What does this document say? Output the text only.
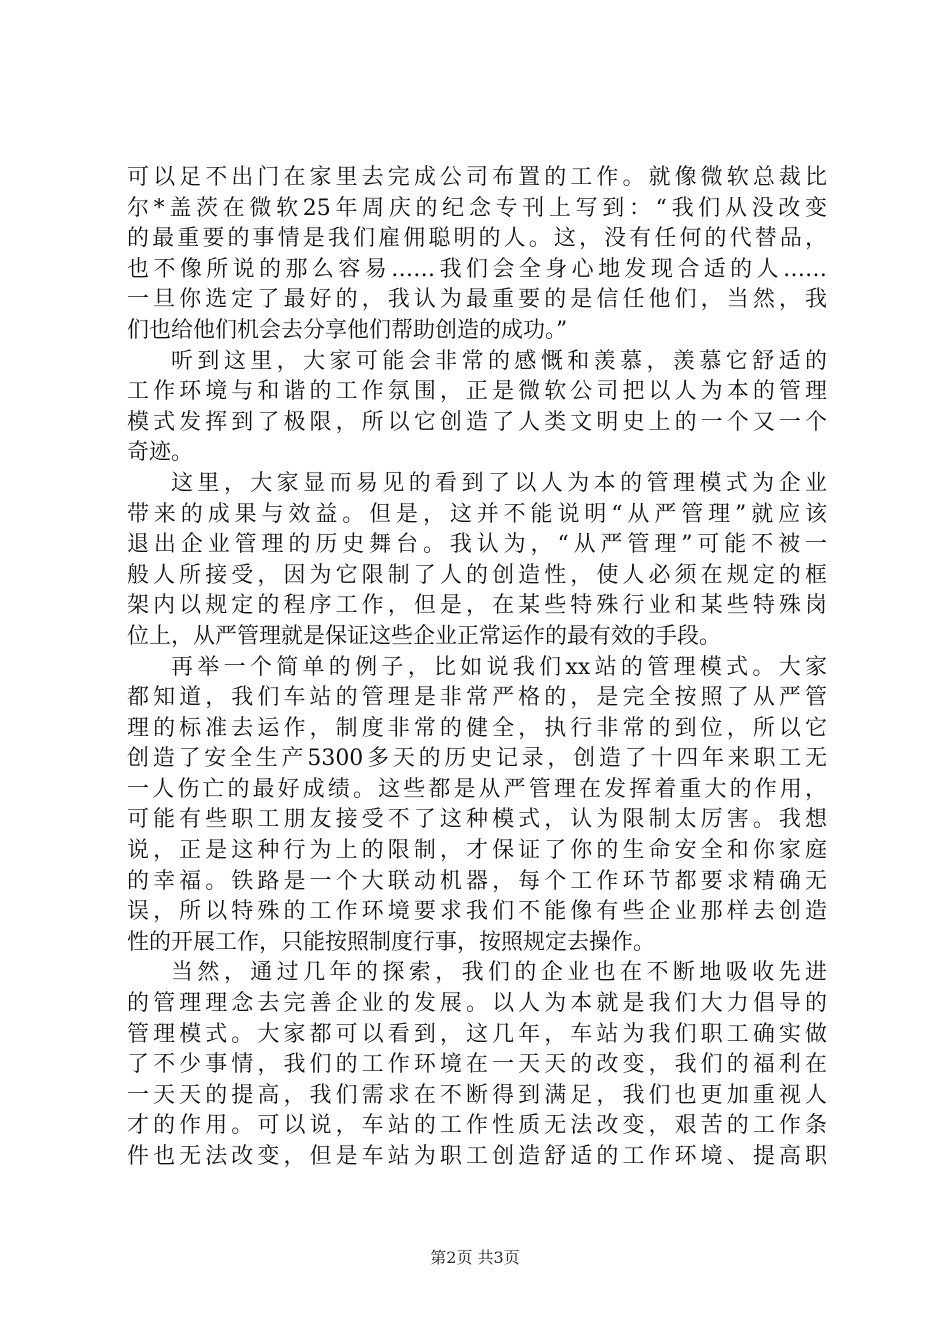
可以足不出门在家里去完成公司布置的工作。就像微软总裁比
尔*盖茨在微软25年周庆的纪念专刊上写到：“我们从没改变
的最重要的事情是我们雇佣聪明的人。这，没有任何的代替品，
也不像所说的那么容易……我们会全身心地发现合适的人……
一旦你选定了最好的，我认为最重要的是信任他们，当然，我
们也给他们机会去分享他们帮助创造的成功。”
听到这里，大家可能会非常的感慨和羡慕，羡慕它舒适的
工作环境与和谐的工作氛围，正是微软公司把以人为本的管理
模式发挥到了极限，所以它创造了人类文明史上的一个又一个
奇迹。
这里，大家显而易见的看到了以人为本的管理模式为企业
带来的成果与效益。但是，这并不能说明“从严管理”就应该
退出企业管理的历史舞台。我认为，“从严管理”可能不被一
般人所接受，因为它限制了人的创造性，使人必须在规定的框
架内以规定的程序工作，但是，在某些特殊行业和某些特殊岗
位上，从严管理就是保证这些企业正常运作的最有效的手段。
再举一个简单的例子，比如说我们xx站的管理模式。大家
都知道，我们车站的管理是非常严格的，是完全按照了从严管
理的标准去运作，制度非常的健全，执行非常的到位，所以它
创造了安全生产5300多天的历史记录，创造了十四年来职工无
一人伤亡的最好成绩。这些都是从严管理在发挥着重大的作用，
可能有些职工朋友接受不了这种模式，认为限制太厉害。我想
说，正是这种行为上的限制，才保证了你的生命安全和你家庭
的幸福。铁路是一个大联动机器，每个工作环节都要求精确无
误，所以特殊的工作环境要求我们不能像有些企业那样去创造
性的开展工作，只能按照制度行事，按照规定去操作。
当然，通过几年的探索，我们的企业也在不断地吸收先进
的管理理念去完善企业的发展。以人为本就是我们大力倡导的
管理模式。大家都可以看到，这几年，车站为我们职工确实做
了不少事情，我们的工作环境在一天天的改变，我们的福利在
一天天的提高，我们需求在不断得到满足，我们也更加重视人
才的作用。可以说，车站的工作性质无法改变，艰苦的工作条
件也无法改变，但是车站为职工创造舒适的工作环境、提高职
第2页 共3页
